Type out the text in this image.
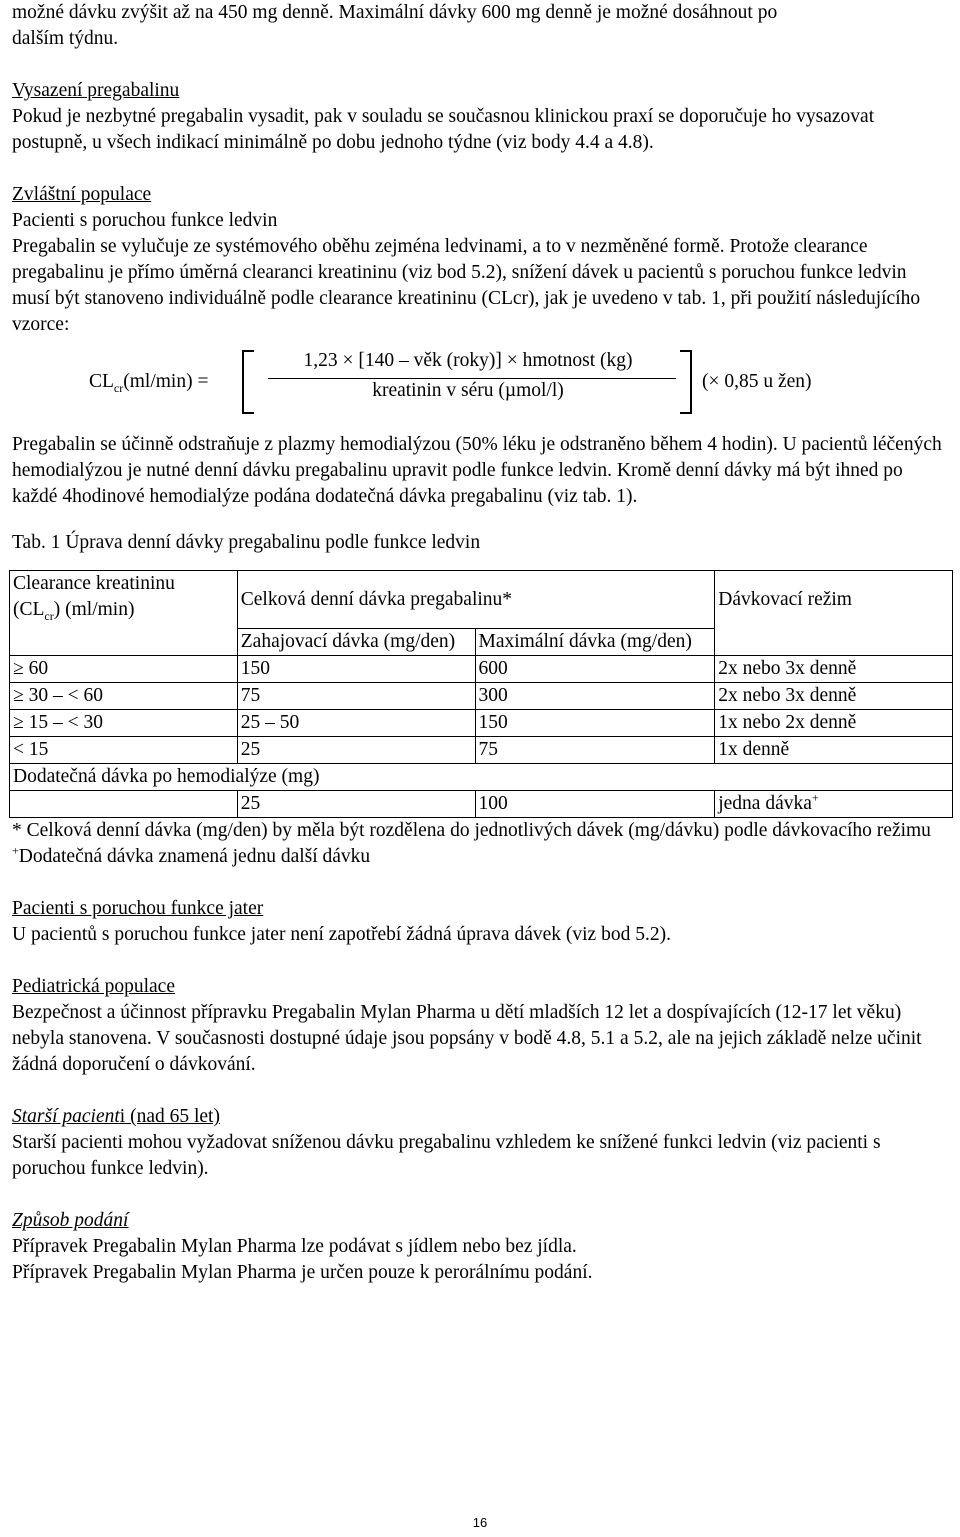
možné dávku zvýšit až na 450 mg denně. Maximální dávky 600 mg denně je možné dosáhnout po

dalším týdnu.

Vysazení pregabalinu

Pokud je nezbytné pregabalin vysadit, pak v souladu se současnou klinickou praxí se doporučuje ho vysazovat postupně, u všech indikací minimálně po dobu jednoho týdne (viz body 4.4 a 4.8).

Zvláštní populace

Pacienti s poruchou funkce ledvin

Pregabalin se vylučuje ze systémového oběhu zejména ledvinami, a to v nezměněné formě. Protože clearance pregabalinu je přímo úměrná clearanci kreatininu (viz bod 5.2), snížení dávek u pacientů s poruchou funkce ledvin musí být stanoveno individuálně podle clearance kreatininu (CLcr), jak je uvedeno v tab. 1, při použití následujícího vzorce:

$CL_{cr}(ml/\min)$ =
1,23 × [140 – věk (roky)] × hmotnost (kg)
kreatinin v séru (µmol/l)	(× 0,85 u žen)

Pregabalin se účinně odstraňuje z plazmy hemodialýzou (50% léku je odstraněno během 4 hodin). U pacientů léčených hemodialýzou je nutné denní dávku pregabalinu upravit podle funkce ledvin. Kromě denní dávky má být ihned po každé 4hodinové hemodialýze podána dodatečná dávka pregabalinu (viz tab. 1).

Tab. 1 Úprava denní dávky pregabalinu podle funkce ledvin

Clearance kreatininu
$(CL_{cr})$ (ml/min)	Celková denní dávka pregabalinu*		Dávkovací režim
	Zahajovací dávka (mg/den)	Maximální dávka (mg/den)	
≥ 60	150	600	2x nebo 3x denně
≥ 30 – < 60	75	300	2x nebo 3x denně
≥ 15 – < 30	25 – 50	150	1x nebo 2x denně
< 15	25	75	1x denně
Dodatečná dávka po hemodialýze (mg)			
	25	100	jedna dávka+

* Celková denní dávka (mg/den) by měla být rozdělena do jednotlivých dávek (mg/dávku) podle dávkovacího režimu

+Dodatečná dávka znamená jednu další dávku

Pacienti s poruchou funkce jater

U pacientů s poruchou funkce jater není zapotřebí žádná úprava dávek (viz bod 5.2).

Pediatrická populace

Bezpečnost a účinnost přípravku Pregabalin Mylan Pharma u dětí mladších 12 let a dospívajících (12-17 let věku) nebyla stanovena. V současnosti dostupné údaje jsou popsány v bodě 4.8, 5.1 a 5.2, ale na jejich základě nelze učinit žádná doporučení o dávkování.

Starší pacienti (nad 65 let)

Starší pacienti mohou vyžadovat sníženou dávku pregabalinu vzhledem ke snížené funkci ledvin (viz pacienti s poruchou funkce ledvin).

Způsob podání

Přípravek Pregabalin Mylan Pharma lze podávat s jídlem nebo bez jídla.

Přípravek Pregabalin Mylan Pharma je určen pouze k perorálnímu podání.

16
